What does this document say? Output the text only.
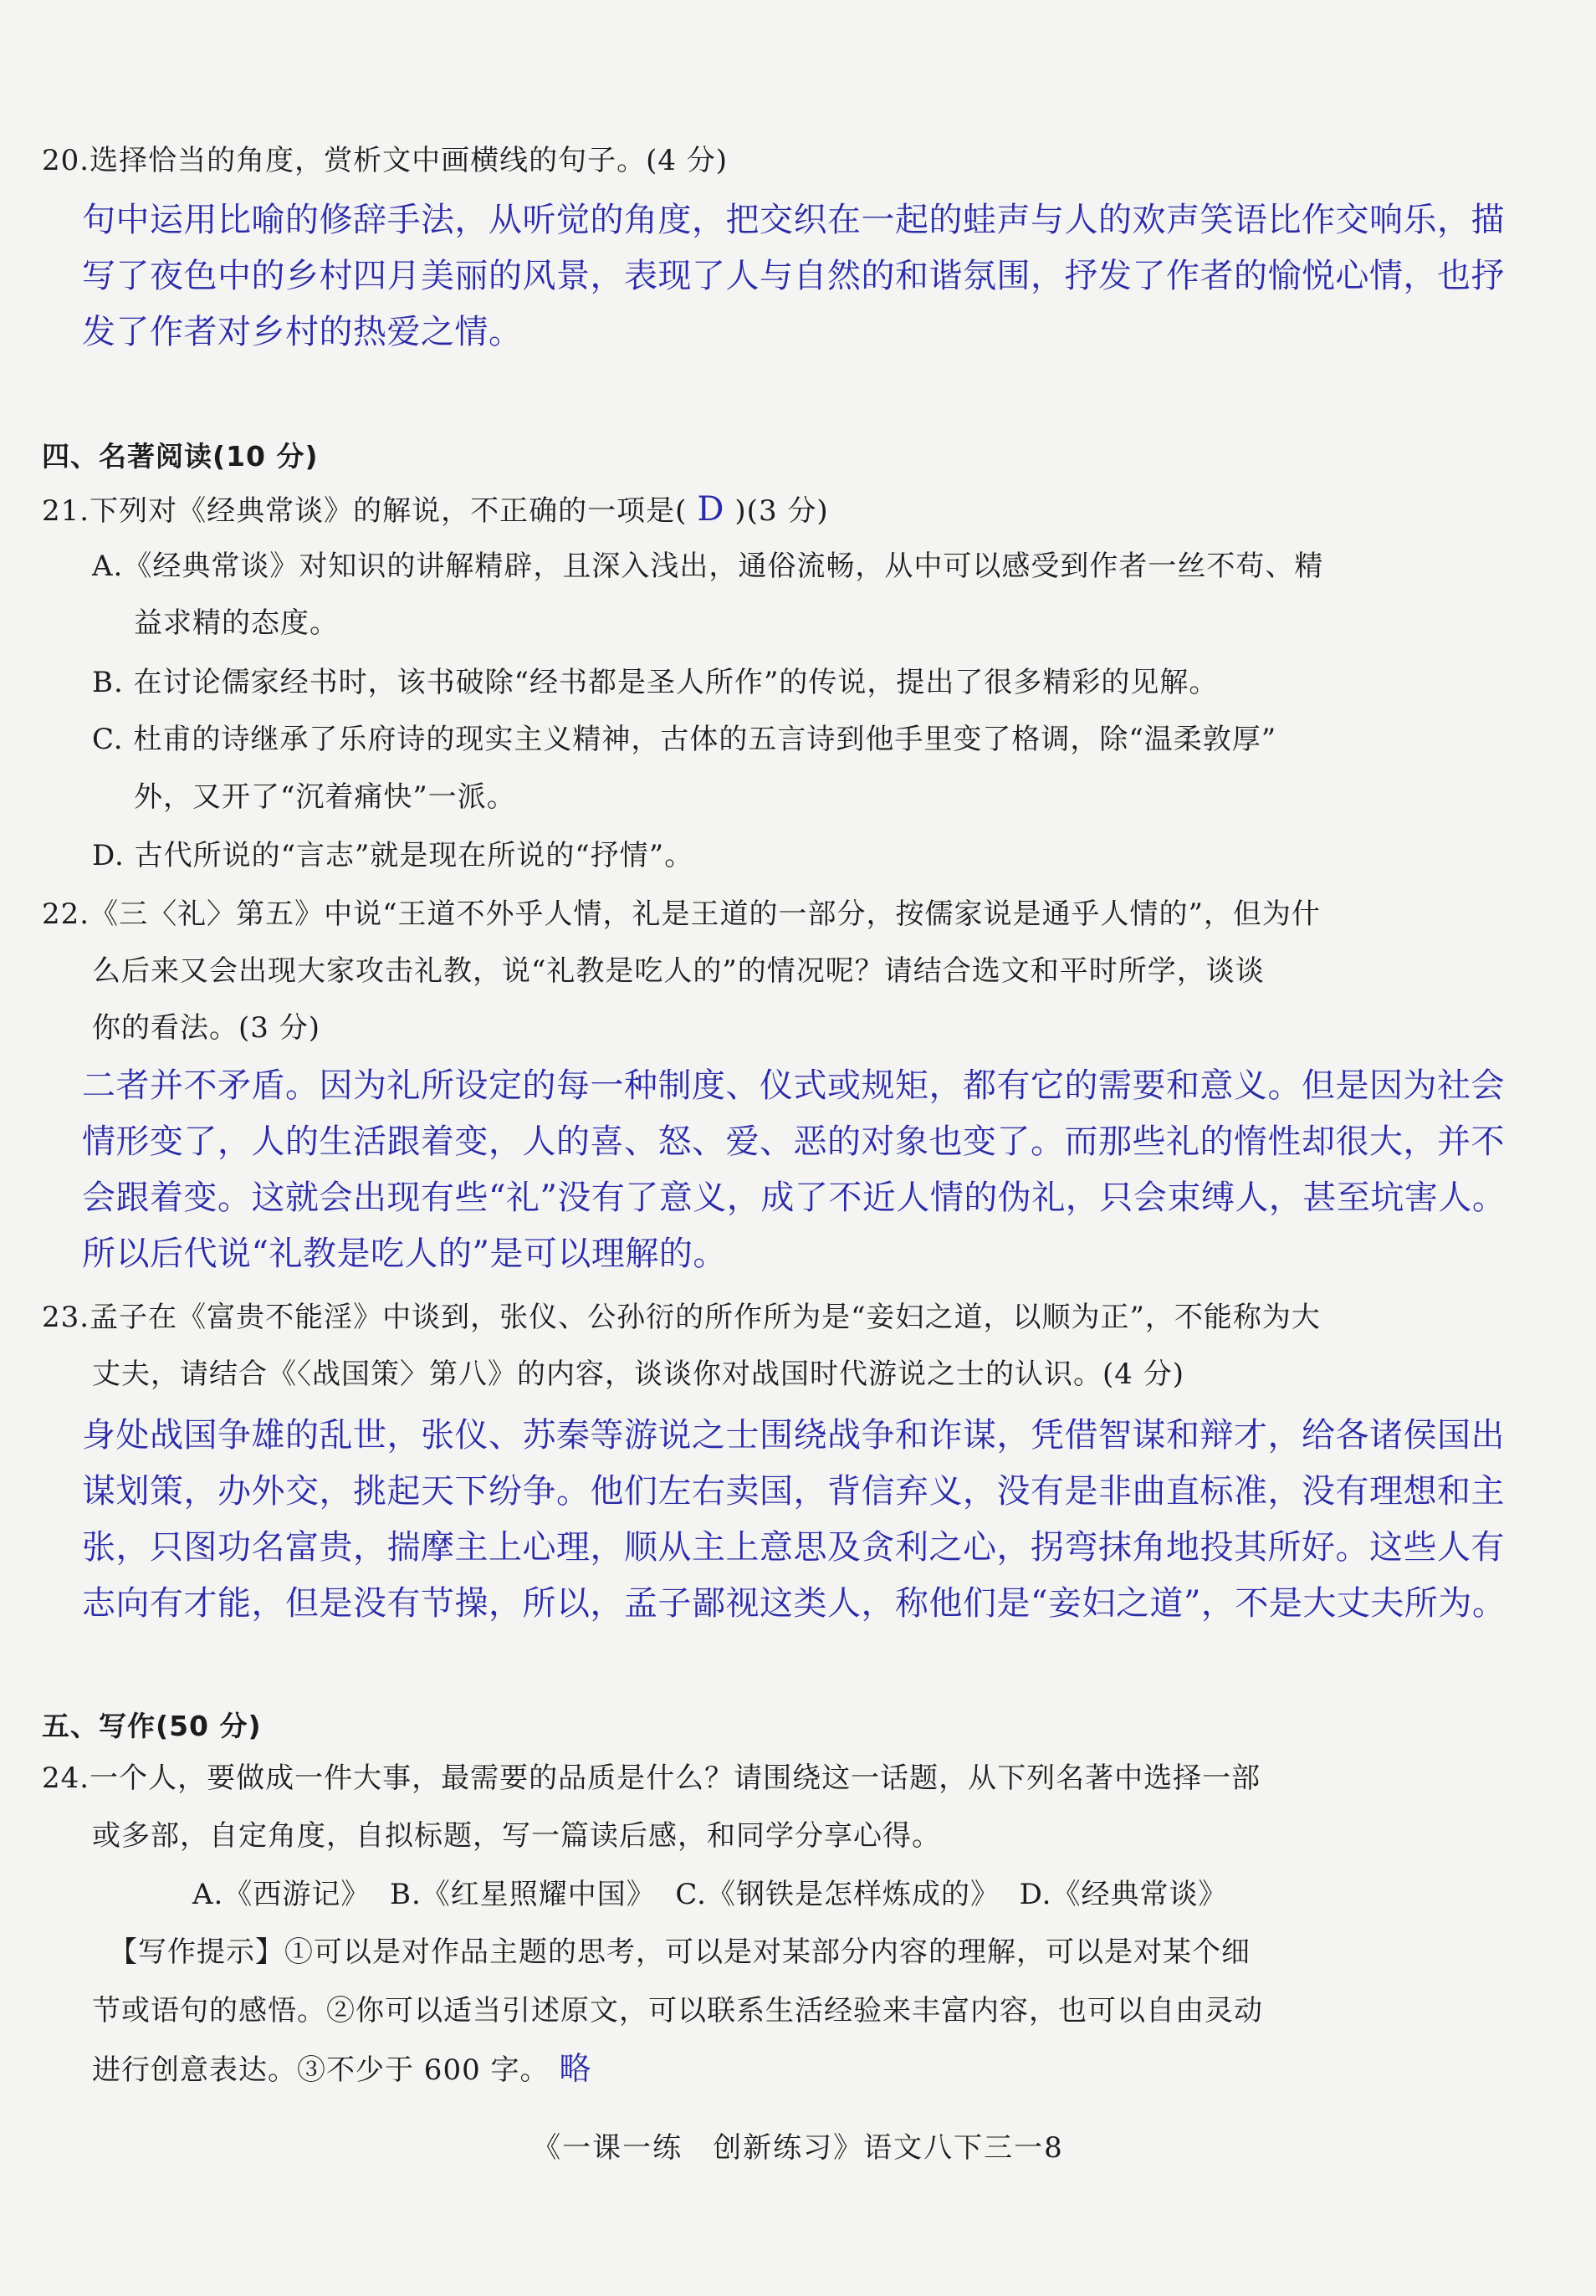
20.选择恰当的角度，赏析文中画横线的句子。(4 分)
句中运用比喻的修辞手法，从听觉的角度，把交织在一起的蛙声与人的欢声笑语比作交响乐，描
写了夜色中的乡村四月美丽的风景，表现了人与自然的和谐氛围，抒发了作者的愉悦心情，也抒
发了作者对乡村的热爱之情。
四、名著阅读(10 分)
21.下列对《经典常谈》的解说，不正确的一项是( D )(3 分)
A.《经典常谈》对知识的讲解精辟，且深入浅出，通俗流畅，从中可以感受到作者一丝不苟、精
益求精的态度。
B. 在讨论儒家经书时，该书破除“经书都是圣人所作”的传说，提出了很多精彩的见解。
C. 杜甫的诗继承了乐府诗的现实主义精神，古体的五言诗到他手里变了格调，除“温柔敦厚”
外，又开了“沉着痛快”一派。
D. 古代所说的“言志”就是现在所说的“抒情”。
22.《三〈礼〉第五》中说“王道不外乎人情，礼是王道的一部分，按儒家说是通乎人情的”，但为什
么后来又会出现大家攻击礼教，说“礼教是吃人的”的情况呢？请结合选文和平时所学，谈谈
你的看法。(3 分)
二者并不矛盾。因为礼所设定的每一种制度、仪式或规矩，都有它的需要和意义。但是因为社会
情形变了，人的生活跟着变，人的喜、怒、爱、恶的对象也变了。而那些礼的惰性却很大，并不
会跟着变。这就会出现有些“礼”没有了意义，成了不近人情的伪礼，只会束缚人，甚至坑害人。
所以后代说“礼教是吃人的”是可以理解的。
23.孟子在《富贵不能淫》中谈到，张仪、公孙衍的所作所为是“妾妇之道，以顺为正”，不能称为大
丈夫，请结合《〈战国策〉第八》的内容，谈谈你对战国时代游说之士的认识。(4 分)
身处战国争雄的乱世，张仪、苏秦等游说之士围绕战争和诈谋，凭借智谋和辩才，给各诸侯国出
谋划策，办外交，挑起天下纷争。他们左右卖国，背信弃义，没有是非曲直标准，没有理想和主
张，只图功名富贵，揣摩主上心理，顺从主上意思及贪利之心，拐弯抹角地投其所好。这些人有
志向有才能，但是没有节操，所以，孟子鄙视这类人，称他们是“妾妇之道”，不是大丈夫所为。
五、写作(50 分)
24.一个人，要做成一件大事，最需要的品质是什么？请围绕这一话题，从下列名著中选择一部
或多部，自定角度，自拟标题，写一篇读后感，和同学分享心得。
A.《西游记》  B.《红星照耀中国》  C.《钢铁是怎样炼成的》  D.《经典常谈》
【写作提示】①可以是对作品主题的思考，可以是对某部分内容的理解，可以是对某个细
节或语句的感悟。②你可以适当引述原文，可以联系生活经验来丰富内容，也可以自由灵动
进行创意表达。③不少于 600 字。 略
《一课一练　创新练习》语文八下三一8
